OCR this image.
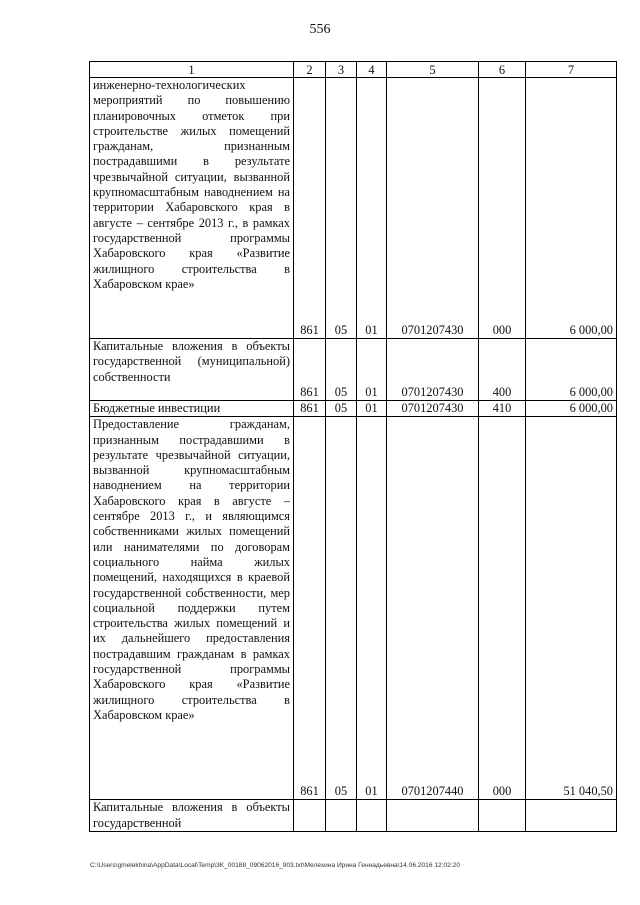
556
1	2	3	4	5	6	7
инженерно-технологических мероприятий по повышению планировочных отметок при строительстве жилых помещений гражданам, признанным пострадавшими в результате чрезвычайной ситуации, вызванной крупномасштабным наводнением на территории Хабаровского края в августе – сентябре 2013 г., в рамках государственной программы Хабаровского края «Развитие жилищного строительства в Хабаровском крае»	861	05	01	0701207430	000	6 000,00
Капитальные вложения в объекты государственной (муниципальной) собственности	861	05	01	0701207430	400	6 000,00
Бюджетные инвестиции	861	05	01	0701207430	410	6 000,00
Предоставление гражданам, признанным пострадавшими в результате чрезвычайной ситуации, вызванной крупномасштабным наводнением на территории Хабаровского края в августе – сентябре 2013 г., и являющимся собственниками жилых помещений или нанимателями по договорам социального найма жилых помещений, находящихся в краевой государственной собственности, мер социальной поддержки путем строительства жилых помещений и их дальнейшего предоставления пострадавшим гражданам в рамках государственной программы Хабаровского края «Развитие жилищного строительства в Хабаровском крае»	861	05	01	0701207440	000	51 040,50
Капитальные вложения в объекты государственной						
C:\Users\gmelekhina\AppData\Local\Temp\3K_00188_09062016_903.txt\Мелехина Ирина Геннадьевна\14.06.2016 12:02:20
